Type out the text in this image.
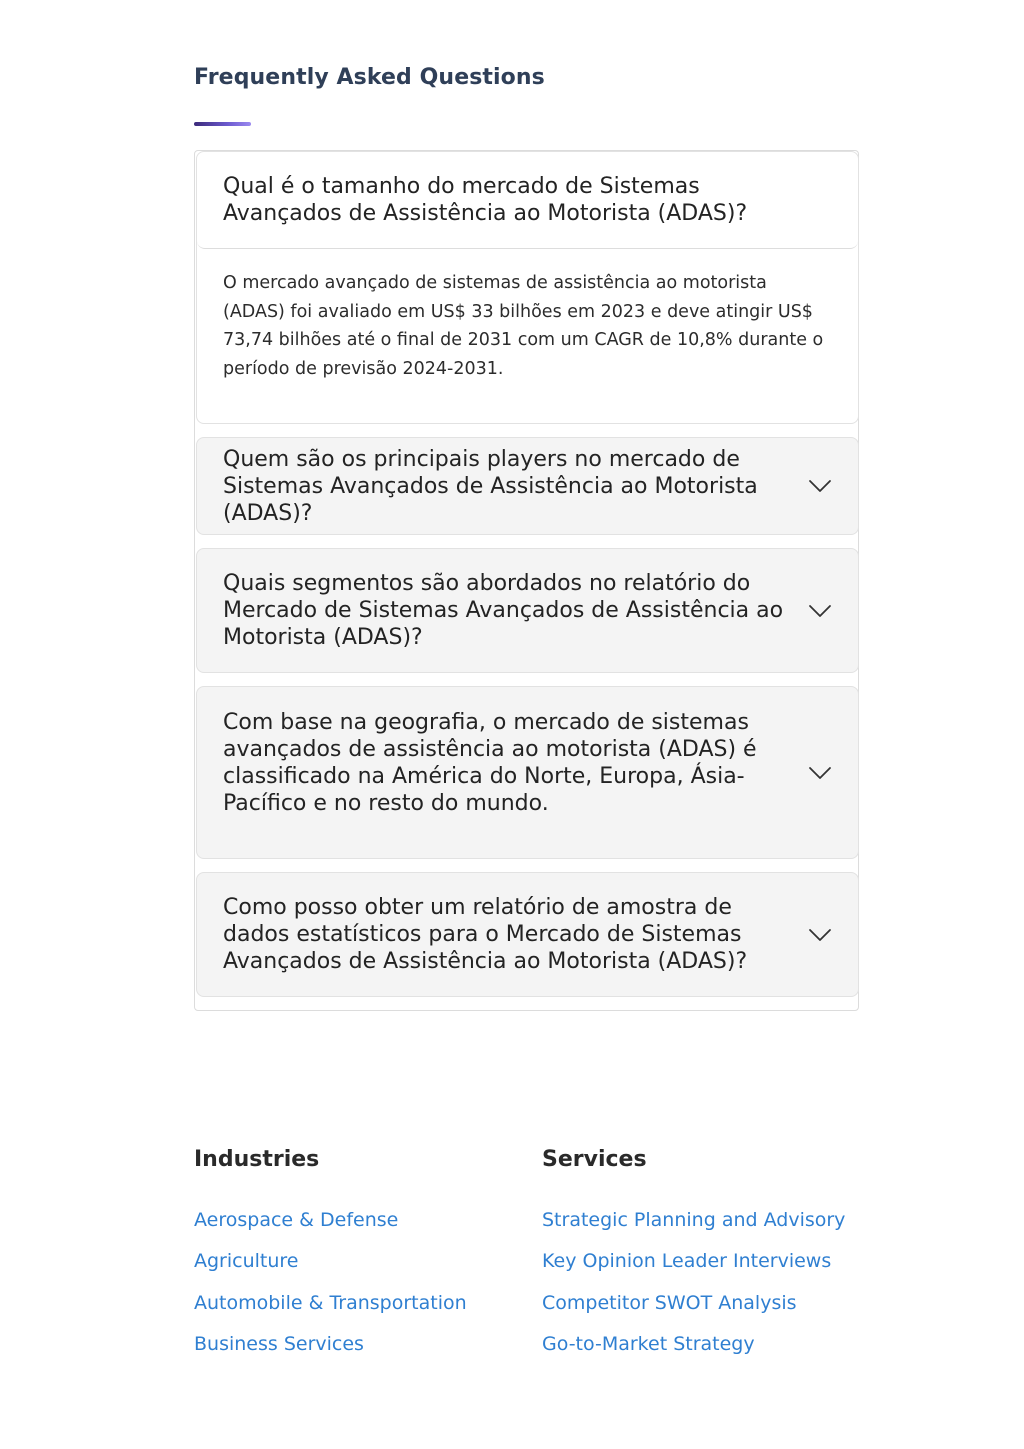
Frequently Asked Questions
Qual é o tamanho do mercado de Sistemas Avançados de Assistência ao Motorista (ADAS)?
O mercado avançado de sistemas de assistência ao motorista (ADAS) foi avaliado em US$ 33 bilhões em 2023 e deve atingir US$ 73,74 bilhões até o final de 2031 com um CAGR de 10,8% durante o período de previsão 2024-2031.
Quem são os principais players no mercado de Sistemas Avançados de Assistência ao Motorista (ADAS)?
Quais segmentos são abordados no relatório do Mercado de Sistemas Avançados de Assistência ao Motorista (ADAS)?
Com base na geografia, o mercado de sistemas avançados de assistência ao motorista (ADAS) é classificado na América do Norte, Europa, Ásia-Pacífico e no resto do mundo.
Como posso obter um relatório de amostra de dados estatísticos para o Mercado de Sistemas Avançados de Assistência ao Motorista (ADAS)?
Industries
Aerospace & Defense
Agriculture
Automobile & Transportation
Business Services
Services
Strategic Planning and Advisory
Key Opinion Leader Interviews
Competitor SWOT Analysis
Go-to-Market Strategy
